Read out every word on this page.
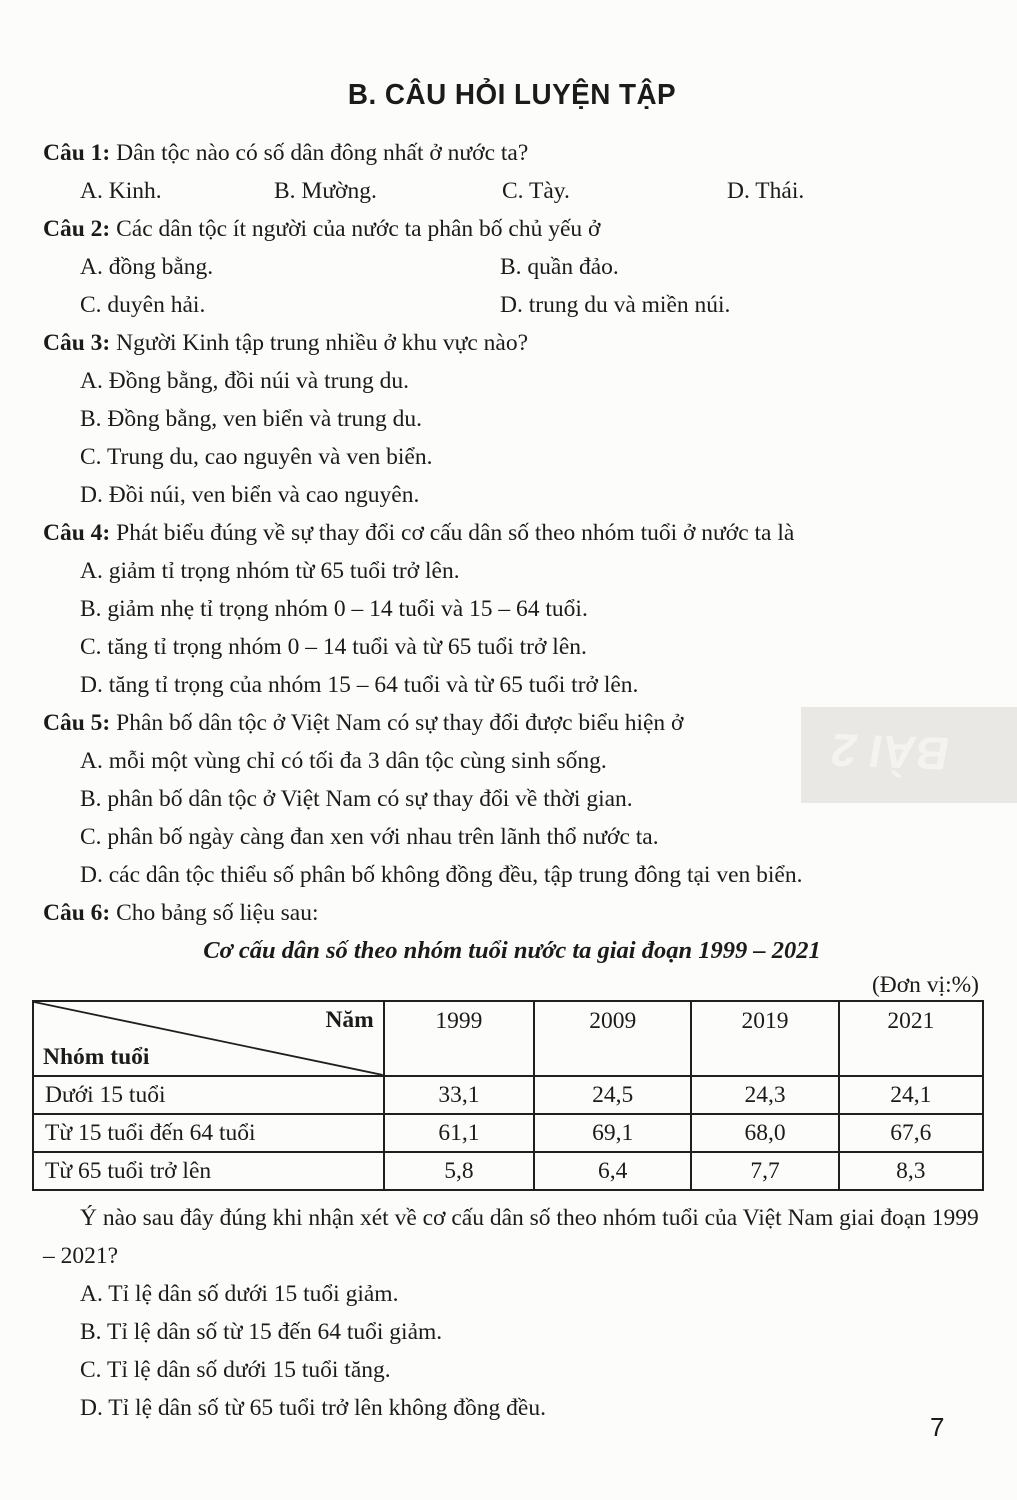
BÀI 2
B. CÂU HỎI LUYỆN TẬP

Câu 1: Dân tộc nào có số dân đông nhất ở nước ta?

A. Kinh.	B. Mường.	C. Tày.	D. Thái.

Câu 2: Các dân tộc ít người của nước ta phân bố chủ yếu ở

A. đồng bằng.	B. quần đảo.
C. duyên hải.	D. trung du và miền núi.

Câu 3: Người Kinh tập trung nhiều ở khu vực nào?

A. Đồng bằng, đồi núi và trung du.

B. Đồng bằng, ven biển và trung du.

C. Trung du, cao nguyên và ven biển.

D. Đồi núi, ven biển và cao nguyên.

Câu 4: Phát biểu đúng về sự thay đổi cơ cấu dân số theo nhóm tuổi ở nước ta là

A. giảm tỉ trọng nhóm từ 65 tuổi trở lên.

B. giảm nhẹ tỉ trọng nhóm 0 – 14 tuổi và 15 – 64 tuổi.

C. tăng tỉ trọng nhóm 0 – 14 tuổi và từ 65 tuổi trở lên.

D. tăng tỉ trọng của nhóm 15 – 64 tuổi và từ 65 tuổi trở lên.

Câu 5: Phân bố dân tộc ở Việt Nam có sự thay đổi được biểu hiện ở

A. mỗi một vùng chỉ có tối đa 3 dân tộc cùng sinh sống.

B. phân bố dân tộc ở Việt Nam có sự thay đổi về thời gian.

C. phân bố ngày càng đan xen với nhau trên lãnh thổ nước ta.

D. các dân tộc thiểu số phân bố không đồng đều, tập trung đông tại ven biển.

Câu 6: Cho bảng số liệu sau:

Cơ cấu dân số theo nhóm tuổi nước ta giai đoạn 1999 – 2021

(Đơn vị:%)

Năm
Nhóm tuổi	1999	2009	2019	2021
Dưới 15 tuổi	33,1	24,5	24,3	24,1
Từ 15 tuổi đến 64 tuổi	61,1	69,1	68,0	67,6
Từ 65 tuổi trở lên	5,8	6,4	7,7	8,3

Ý nào sau đây đúng khi nhận xét về cơ cấu dân số theo nhóm tuổi của Việt Nam giai đoạn 1999 – 2021?

A. Tỉ lệ dân số dưới 15 tuổi giảm.

B. Tỉ lệ dân số từ 15 đến 64 tuổi giảm.

C. Tỉ lệ dân số dưới 15 tuổi tăng.

D. Tỉ lệ dân số từ 65 tuổi trở lên không đồng đều.

7
